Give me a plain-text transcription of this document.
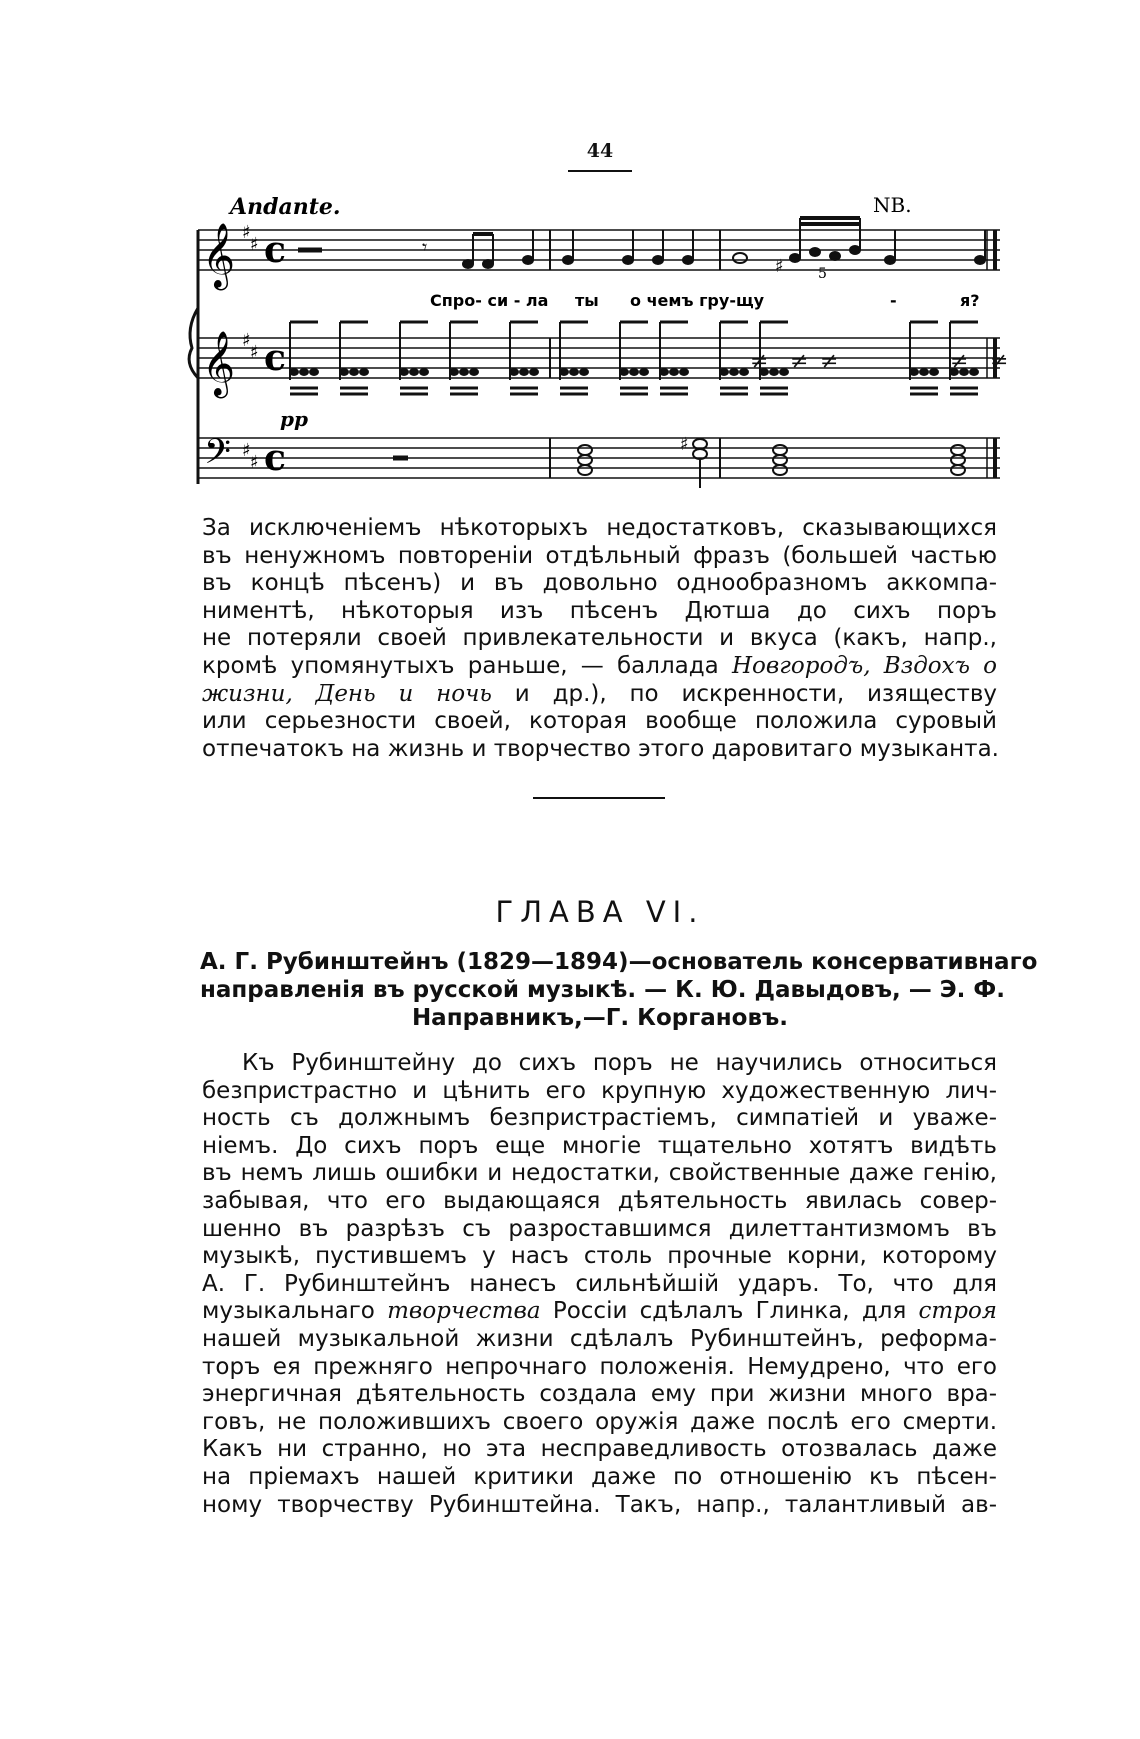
44
Andante.	NB.
𝄞
𝄞
𝄢
♯
♯
♯
♯
♯
♯
c
c
c
𝄾
♯ 5
Спро- си - ла ты о чемъ гру-щу	-	я?
≠ ≠ ≠	≠ ≠
pp
♯
За исключеніемъ нѣкоторыхъ недостатковъ, сказывающихся
въ ненужномъ повтореніи отдѣльный фразъ (большей частью
въ концѣ пѣсенъ) и въ довольно однообразномъ аккомпа-
ниментѣ, нѣкоторыя изъ пѣсенъ Дютша до сихъ поръ
не потеряли своей привлекательности и вкуса (какъ, напр.,
кромѣ упомянутыхъ раньше, — баллада Новгородъ, Вздохъ о
жизни, День и ночь и др.), по искренности, изяществу
или серьезности своей, которая вообще положила суровый
отпечатокъ на жизнь и творчество этого даровитаго музыканта.
ГЛАВА VI.
А. Г. Рубинштейнъ (1829—1894)—основатель консервативнаго
направленія въ русской музыкѣ. — К. Ю. Давыдовъ, — Э. Ф.
Направникъ,—Г. Коргановъ.
Къ Рубинштейну до сихъ поръ не научились относиться
безпристрастно и цѣнить его крупную художественную лич-
ность съ должнымъ безпристрастіемъ, симпатіей и уваже-
ніемъ. До сихъ поръ еще многіе тщательно хотятъ видѣть
въ немъ лишь ошибки и недостатки, свойственные даже генію,
забывая, что его выдающаяся дѣятельность явилась совер-
шенно въ разрѣзъ съ разроставшимся дилеттантизмомъ въ
музыкѣ, пустившемъ у насъ столь прочные корни, которому
А. Г. Рубинштейнъ нанесъ сильнѣйшій ударъ. То, что для
музыкальнаго творчества Россіи сдѣлалъ Глинка, для строя
нашей музыкальной жизни сдѣлалъ Рубинштейнъ, реформа-
торъ ея прежняго непрочнаго положенія. Немудрено, что его
энергичная дѣятельность создала ему при жизни много вра-
говъ, не положившихъ своего оружія даже послѣ его смерти.
Какъ ни странно, но эта несправедливость отозвалась даже
на пріемахъ нашей критики даже по отношенію къ пѣсен-
ному творчеству Рубинштейна. Такъ, напр., талантливый ав-
